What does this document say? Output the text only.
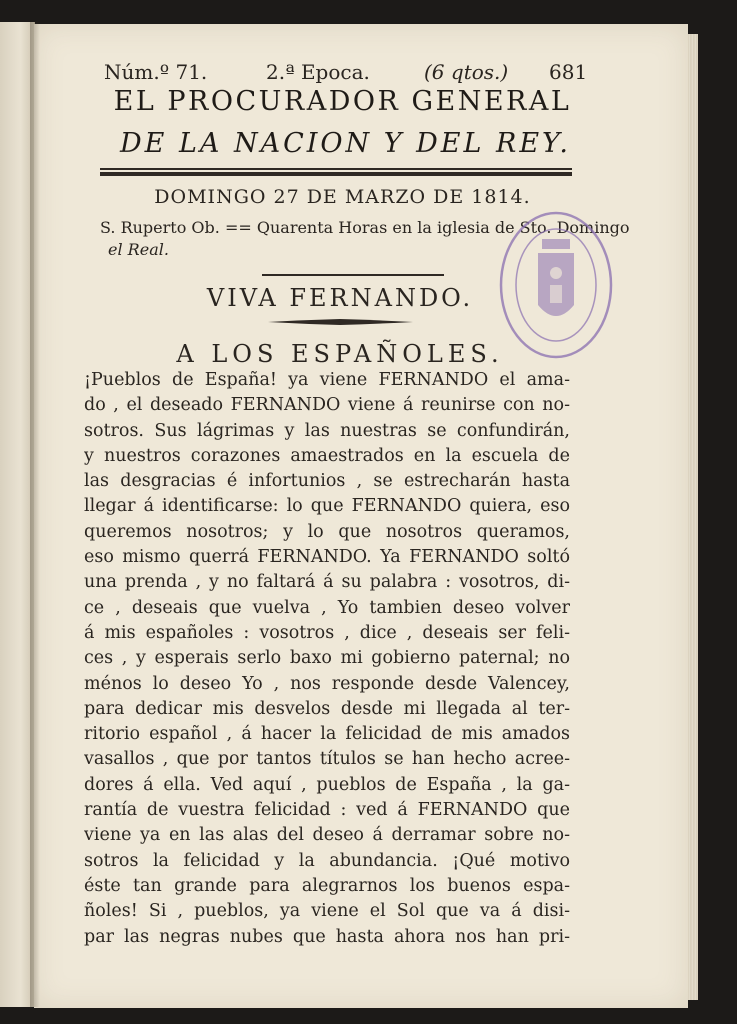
Núm.º 71.	2.ª Epoca.	(6 qtos.) 681
EL PROCURADOR GENERAL
DE LA NACION Y DEL REY.
DOMINGO 27 DE MARZO DE 1814.
S. Ruperto Ob. == Quarenta Horas en la iglesia de Sto. Domingo
el Real.
VIVA FERNANDO.
A LOS ESPAÑOLES.
¡Pueblos de España! ya viene FERNANDO el ama-
do , el deseado FERNANDO viene á reunirse con no-
sotros. Sus lágrimas y las nuestras se confundirán,
y nuestros corazones amaestrados en la escuela de
las desgracias é infortunios , se estrecharán hasta
llegar á identificarse: lo que FERNANDO quiera, eso
queremos nosotros; y lo que nosotros queramos,
eso mismo querrá FERNANDO. Ya FERNANDO soltó
una prenda , y no faltará á su palabra : vosotros, di-
ce , deseais que vuelva , Yo tambien deseo volver
á mis españoles : vosotros , dice , deseais ser feli-
ces , y esperais serlo baxo mi gobierno paternal; no
ménos lo deseo Yo , nos responde desde Valencey,
para dedicar mis desvelos desde mi llegada al ter-
ritorio español , á hacer la felicidad de mis amados
vasallos , que por tantos títulos se han hecho acree-
dores á ella. Ved aquí , pueblos de España , la ga-
rantía de vuestra felicidad : ved á FERNANDO que
viene ya en las alas del deseo á derramar sobre no-
sotros la felicidad y la abundancia. ¡Qué motivo
éste tan grande para alegrarnos los buenos espa-
ñoles! Si , pueblos, ya viene el Sol que va á disi-
par las negras nubes que hasta ahora nos han pri-
